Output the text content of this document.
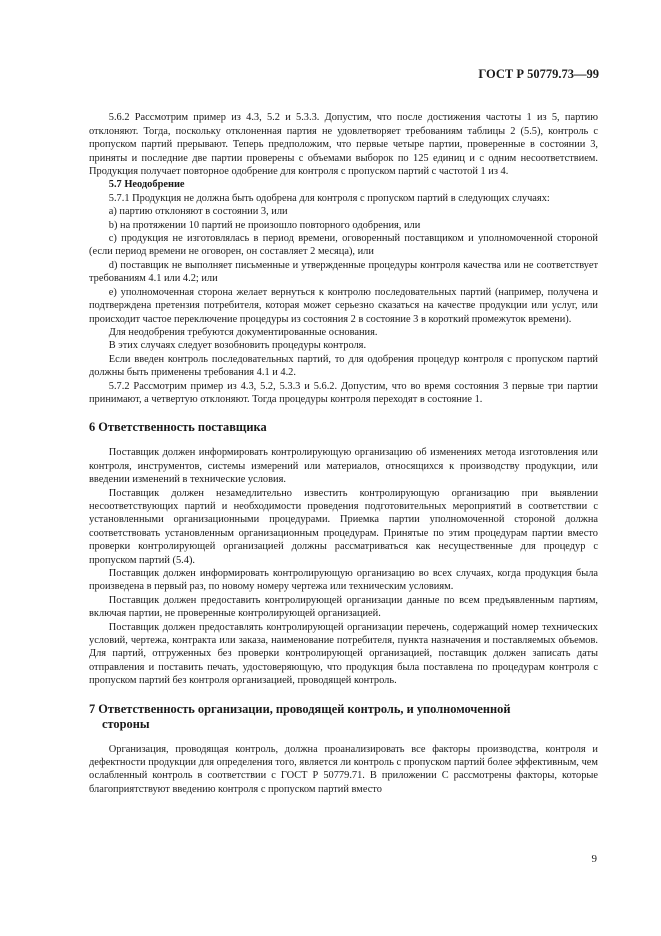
ГОСТ Р 50779.73—99

5.6.2 Рассмотрим пример из 4.3, 5.2 и 5.3.3. Допустим, что после достижения частоты 1 из 5, партию отклоняют. Тогда, поскольку отклоненная партия не удовлетворяет требованиям таблицы 2 (5.5), контроль с пропуском партий прерывают. Теперь предположим, что первые четыре партии, проверенные в состоянии 3, приняты и последние две партии проверены с объемами выборок по 125 единиц и с одним несоответствием. Продукция получает повторное одобрение для контроля с пропуском партий с частотой 1 из 4.

5.7 Неодобрение

5.7.1 Продукция не должна быть одобрена для контроля с пропуском партий в следующих случаях:

а) партию отклоняют в состоянии 3, или

b) на протяжении 10 партий не произошло повторного одобрения, или

с) продукция не изготовлялась в период времени, оговоренный поставщиком и уполномоченной стороной (если период времени не оговорен, он составляет 2 месяца), или

d) поставщик не выполняет письменные и утвержденные процедуры контроля качества или не соответствует требованиям 4.1 или 4.2; или

е) уполномоченная сторона желает вернуться к контролю последовательных партий (например, получена и подтверждена претензия потребителя, которая может серьезно сказаться на качестве продукции или услуг, или происходит частое переключение процедуры из состояния 2 в состояние 3 в короткий промежуток времени).

Для неодобрения требуются документированные основания.

В этих случаях следует возобновить процедуры контроля.

Если введен контроль последовательных партий, то для одобрения процедур контроля с пропуском партий должны быть применены требования 4.1 и 4.2.

5.7.2 Рассмотрим пример из 4.3, 5.2, 5.3.3 и 5.6.2. Допустим, что во время состояния 3 первые три партии принимают, а четвертую отклоняют. Тогда процедуры контроля переходят в состояние 1.

6 Ответственность поставщика

Поставщик должен информировать контролирующую организацию об изменениях метода изготовления или контроля, инструментов, системы измерений или материалов, относящихся к производству продукции, или введении изменений в технические условия.

Поставщик должен незамедлительно известить контролирующую организацию при выявлении несоответствующих партий и необходимости проведения подготовительных мероприятий в соответствии с установленными организационными процедурами. Приемка партии уполномоченной стороной должна соответствовать установленным организационным процедурам. Принятые по этим процедурам партии вместо проверки контролирующей организацией должны рассматриваться как несущественные для процедур с пропуском партий (5.4).

Поставщик должен информировать контролирующую организацию во всех случаях, когда продукция была произведена в первый раз, по новому номеру чертежа или техническим условиям.

Поставщик должен предоставить контролирующей организации данные по всем предъявленным партиям, включая партии, не проверенные контролирующей организацией.

Поставщик должен предоставлять контролирующей организации перечень, содержащий номер технических условий, чертежа, контракта или заказа, наименование потребителя, пункта назначения и поставляемых объемов. Для партий, отгруженных без проверки контролирующей организацией, поставщик должен записать даты отправления и поставить печать, удостоверяющую, что продукция была поставлена по процедурам контроля с пропуском партий без контроля организацией, проводящей контроль.

7 Ответственность организации, проводящей контроль, и уполномоченной
стороны

Организация, проводящая контроль, должна проанализировать все факторы производства, контроля и дефектности продукции для определения того, является ли контроль с пропуском партий более эффективным, чем ослабленный контроль в соответствии с ГОСТ Р 50779.71. В приложении С рассмотрены факторы, которые благоприятствуют введению контроля с пропуском партий вместо

9
